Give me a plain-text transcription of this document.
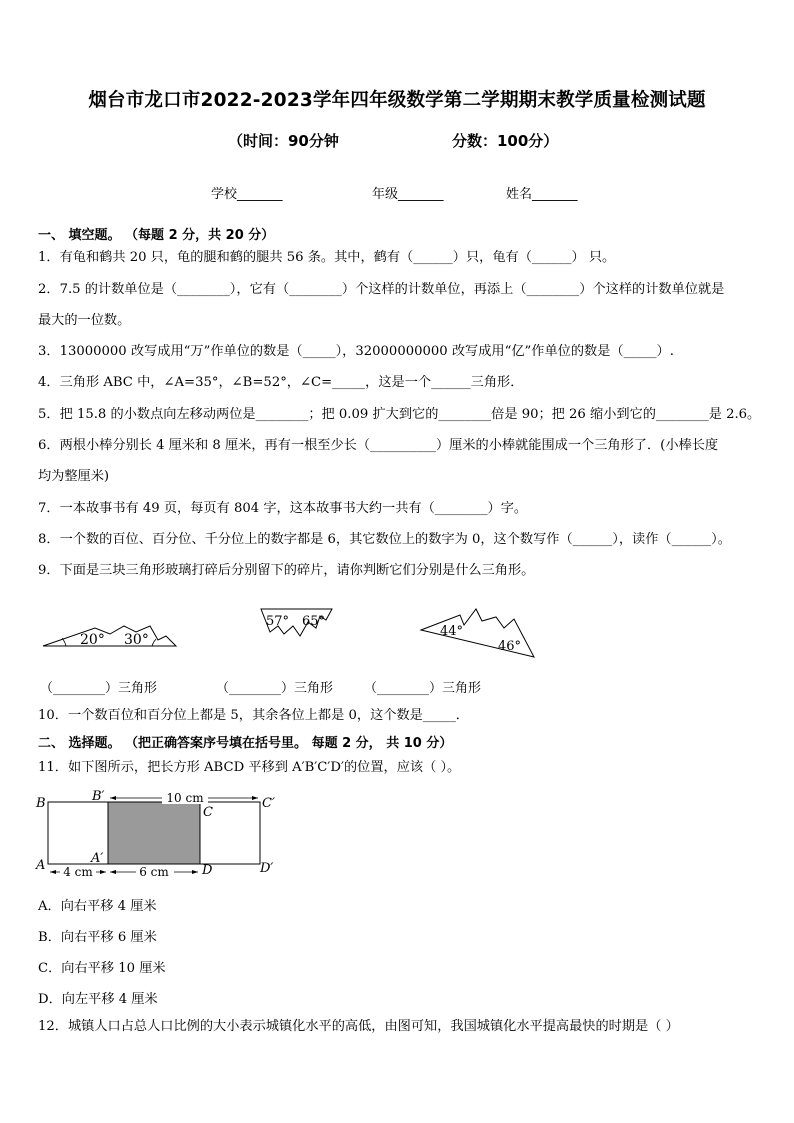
烟台市龙口市2022-2023学年四年级数学第二学期期末教学质量检测试题
（时间：90分钟	分数：100分）
学校_______	年级_______	姓名_______
一、 填空题。 （每题 2 分，共 20 分）
1．有龟和鹤共 20 只，龟的腿和鹤的腿共 56 条。其中，鹤有（______）只，龟有（______） 只。
2．7.5 的计数单位是（________），它有（________）个这样的计数单位，再添上（________）个这样的计数单位就是
最大的一位数。
3．13000000 改写成用“万”作单位的数是（_____），32000000000 改写成用“亿”作单位的数是（_____）.
4．三角形 ABC 中，∠A=35°，∠B=52°，∠C=_____，这是一个______三角形．
5．把 15.8 的小数点向左移动两位是________；把 0.09 扩大到它的________倍是 90；把 26 缩小到它的________是 2.6。
6．两根小棒分别长 4 厘米和 8 厘米，再有一根至少长（__________）厘米的小棒就能围成一个三角形了．(小棒长度
均为整厘米)
7．一本故事书有 49 页，每页有 804 字，这本故事书大约一共有（________）字。
8．一个数的百位、百分位、千分位上的数字都是 6，其它数位上的数字为 0，这个数写作（______），读作（______）。
9．下面是三块三角形玻璃打碎后分别留下的碎片，请你判断它们分别是什么三角形。
20° 30°
57° 65°
44°
46°
（________）三角形	（________）三角形 （________）三角形
10．一个数百位和百分位上都是 5，其余各位上都是 0，这个数是_____．
二、 选择题。 （把正确答案序号填在括号里。 每题 2 分， 共 10 分）
11．如下图所示，把长方形 ABCD 平移到 A′B′C′D′的位置，应该（ ）。
10 cm
4 cm	6 cm
B	B′	C′
C
A	A′
D	D′
A．向右平移 4 厘米
B．向右平移 6 厘米
C．向右平移 10 厘米
D．向左平移 4 厘米
12．城镇人口占总人口比例的大小表示城镇化水平的高低，由图可知，我国城镇化水平提高最快的时期是（ ）
